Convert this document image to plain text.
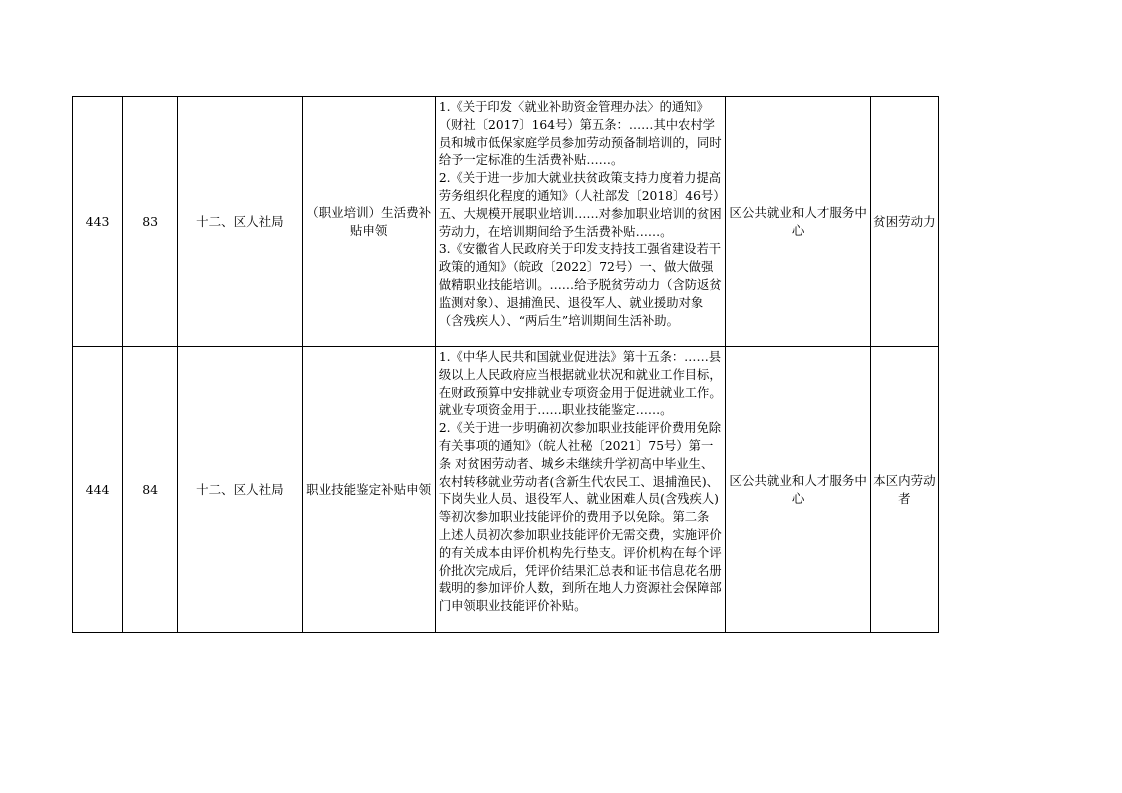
443	83	十二、区人社局	（职业培训）生活费补贴申领	1.《关于印发〈就业补助资金管理办法〉的通知》（财社〔2017〕164号）第五条：……其中农村学员和城市低保家庭学员参加劳动预备制培训的，同时给予一定标准的生活费补贴……。
2.《关于进一步加大就业扶贫政策支持力度着力提高劳务组织化程度的通知》（人社部发〔2018〕46号）五、大规模开展职业培训……对参加职业培训的贫困劳动力，在培训期间给予生活费补贴……。
3.《安徽省人民政府关于印发支持技工强省建设若干政策的通知》（皖政〔2022〕72号）一、做大做强做精职业技能培训。……给予脱贫劳动力（含防返贫监测对象）、退捕渔民、退役军人、就业援助对象（含残疾人）、“两后生”培训期间生活补助。	区公共就业和人才服务中心	贫困劳动力
444	84	十二、区人社局	职业技能鉴定补贴申领	1.《中华人民共和国就业促进法》第十五条：……县级以上人民政府应当根据就业状况和就业工作目标，在财政预算中安排就业专项资金用于促进就业工作。就业专项资金用于……职业技能鉴定……。
2.《关于进一步明确初次参加职业技能评价费用免除有关事项的通知》（皖人社秘〔2021〕75号）第一条 对贫困劳动者、城乡未继续升学初高中毕业生、农村转移就业劳动者(含新生代农民工、退捕渔民)、下岗失业人员、退役军人、就业困难人员(含残疾人)等初次参加职业技能评价的费用予以免除。第二条 上述人员初次参加职业技能评价无需交费，实施评价的有关成本由评价机构先行垫支。评价机构在每个评价批次完成后，凭评价结果汇总表和证书信息花名册载明的参加评价人数，到所在地人力资源社会保障部门申领职业技能评价补贴。	区公共就业和人才服务中心	本区内劳动者
